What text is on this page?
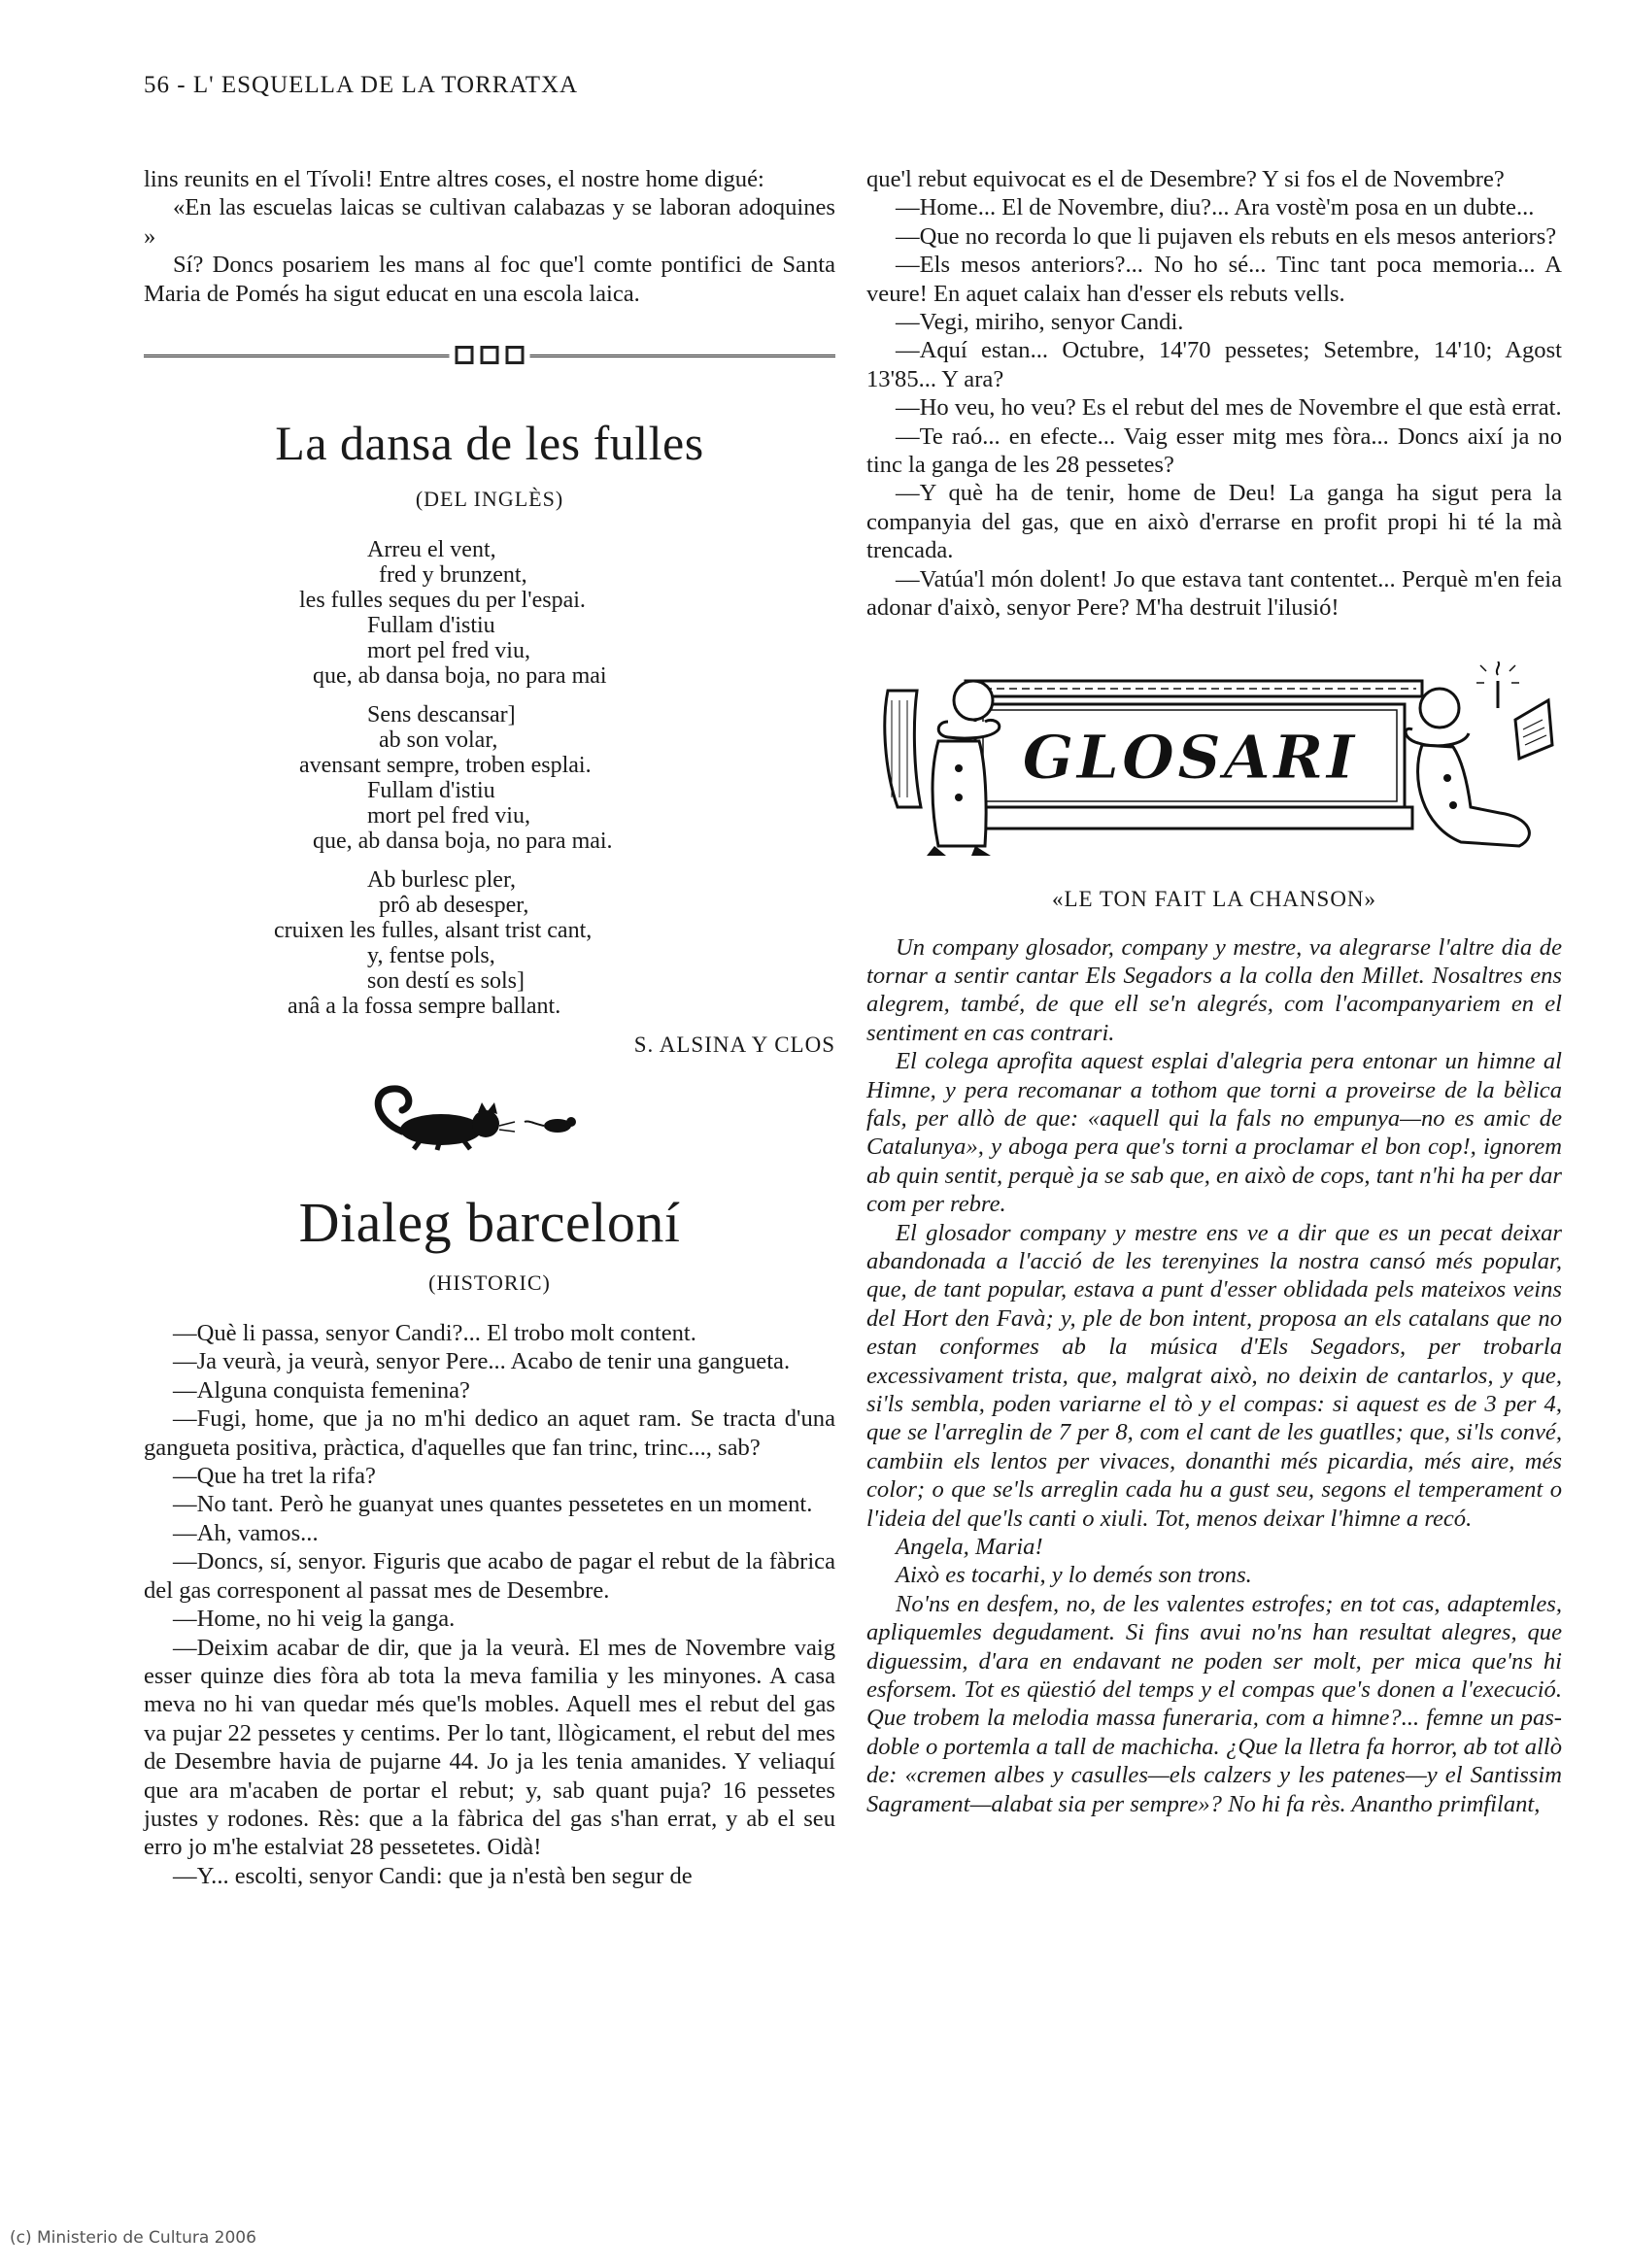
56 - L' ESQUELLA DE LA TORRATXA

lins reunits en el Tívoli! Entre altres coses, el nostre home digué:

«En las escuelas laicas se cultivan calabazas y se laboran adoquines »

Sí? Doncs posariem les mans al foc que'l comte pontifici de Santa Maria de Pomés ha sigut educat en una escola laica.

La dansa de les fulles
(DEL INGLÈS)
Arreu el vent,
fred y brunzent,
les fulles seques du per l'espai.
Fullam d'istiu
mort pel fred viu,
que, ab dansa boja, no para mai
Sens descansar]
ab son volar,
avensant sempre, troben esplai.
Fullam d'istiu
mort pel fred viu,
que, ab dansa boja, no para mai.
Ab burlesc pler,
prô ab desesper,
cruixen les fulles, alsant trist cant,
y, fentse pols,
son destí es sols]
anâ a la fossa sempre ballant.
S. ALSINA Y CLOS
Dialeg barceloní
(HISTORIC)

—Què li passa, senyor Candi?... El trobo molt content.

—Ja veurà, ja veurà, senyor Pere... Acabo de tenir una gangueta.

—Alguna conquista femenina?

—Fugi, home, que ja no m'hi dedico an aquet ram. Se tracta d'una gangueta positiva, pràctica, d'aquelles que fan trinc, trinc..., sab?

—Que ha tret la rifa?

—No tant. Però he guanyat unes quantes pessetetes en un moment.

—Ah, vamos...

—Doncs, sí, senyor. Figuris que acabo de pagar el rebut de la fàbrica del gas corresponent al passat mes de Desembre.

—Home, no hi veig la ganga.

—Deixim acabar de dir, que ja la veurà. El mes de Novembre vaig esser quinze dies fòra ab tota la meva familia y les minyones. A casa meva no hi van quedar més que'ls mobles. Aquell mes el rebut del gas va pujar 22 pessetes y centims. Per lo tant, llògicament, el rebut del mes de Desembre havia de pujarne 44. Jo ja les tenia amanides. Y veliaquí que ara m'acaben de portar el rebut; y, sab quant puja? 16 pessetes justes y rodones. Rès: que a la fàbrica del gas s'han errat, y ab el seu erro jo m'he estalviat 28 pessetetes. Oidà!

—Y... escolti, senyor Candi: que ja n'està ben segur de

que'l rebut equivocat es el de Desembre? Y si fos el de Novembre?

—Home... El de Novembre, diu?... Ara vostè'm posa en un dubte...

—Que no recorda lo que li pujaven els rebuts en els mesos anteriors?

—Els mesos anteriors?... No ho sé... Tinc tant poca memoria... A veure! En aquet calaix han d'esser els rebuts vells.

—Vegi, miriho, senyor Candi.

—Aquí estan... Octubre, 14'70 pessetes; Setembre, 14'10; Agost 13'85... Y ara?

—Ho veu, ho veu? Es el rebut del mes de Novembre el que està errat.

—Te raó... en efecte... Vaig esser mitg mes fòra... Doncs així ja no tinc la ganga de les 28 pessetes?

—Y què ha de tenir, home de Deu! La ganga ha sigut pera la companyia del gas, que en això d'errarse en profit propi hi té la mà trencada.

—Vatúa'l món dolent! Jo que estava tant contentet... Perquè m'en feia adonar d'això, senyor Pere? M'ha destruit l'ilusió!

GLOSARI
«LE TON FAIT LA CHANSON»

Un company glosador, company y mestre, va alegrarse l'altre dia de tornar a sentir cantar Els Segadors a la colla den Millet. Nosaltres ens alegrem, també, de que ell se'n alegrés, com l'acompanyariem en el sentiment en cas contrari.

El colega aprofita aquest esplai d'alegria pera entonar un himne al Himne, y pera recomanar a tothom que torni a proveirse de la bèlica fals, per allò de que: «aquell qui la fals no empunya—no es amic de Catalunya», y aboga pera que's torni a proclamar el bon cop!, ignorem ab quin sentit, perquè ja se sab que, en això de cops, tant n'hi ha per dar com per rebre.

El glosador company y mestre ens ve a dir que es un pecat deixar abandonada a l'acció de les terenyines la nostra cansó més popular, que, de tant popular, estava a punt d'esser oblidada pels mateixos veins del Hort den Favà; y, ple de bon intent, proposa an els catalans que no estan conformes ab la música d'Els Segadors, per trobarla excessivament trista, que, malgrat això, no deixin de cantarlos, y que, si'ls sembla, poden variarne el tò y el compas: si aquest es de 3 per 4, que se l'arreglin de 7 per 8, com el cant de les guatlles; que, si'ls convé, cambiin els lentos per vivaces, donanthi més picardia, més aire, més color; o que se'ls arreglin cada hu a gust seu, segons el temperament o l'ideia del que'ls canti o xiuli. Tot, menos deixar l'himne a recó.

Angela, Maria!

Això es tocarhi, y lo demés son trons.

No'ns en desfem, no, de les valentes estrofes; en tot cas, adaptemles, apliquemles degudament. Si fins avui no'ns han resultat alegres, que diguessim, d'ara en endavant ne poden ser molt, per mica que'ns hi esforsem. Tot es qüestió del temps y el compas que's donen a l'execució. Que trobem la melodia massa funeraria, com a himne?... femne un pas-doble o portemla a tall de machicha. ¿Que la lletra fa horror, ab tot allò de: «cremen albes y casulles—els calzers y les patenes—y el Santissim Sagrament—alabat sia per sempre»? No hi fa rès. Anantho primfilant,

(c) Ministerio de Cultura 2006
